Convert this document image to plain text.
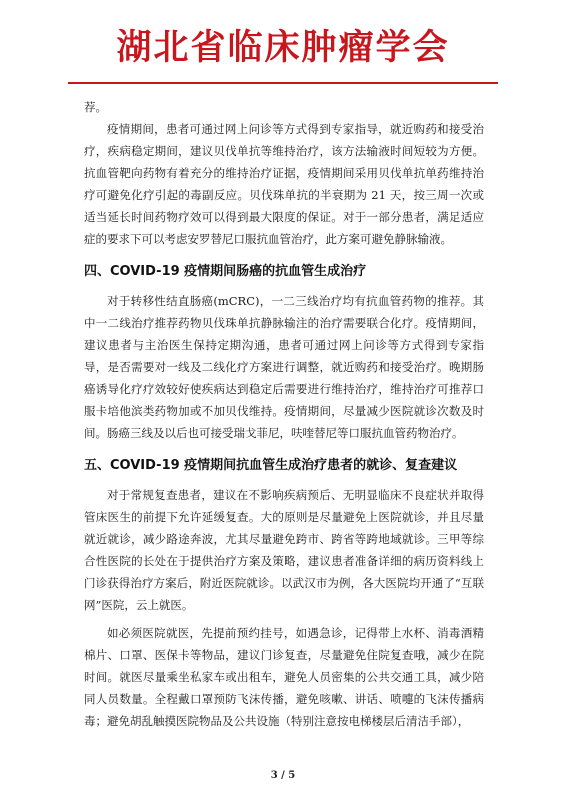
湖北省临床肿瘤学会

荐。

疫情期间，患者可通过网上问诊等方式得到专家指导，就近购药和接受治疗，疾病稳定期间，建议贝伐单抗等维持治疗，该方法输液时间短较为方便。抗血管靶向药物有着充分的维持治疗证据，疫情期间采用贝伐单抗单药维持治疗可避免化疗引起的毒副反应。贝伐珠单抗的半衰期为 21 天，按三周一次或适当延长时间药物疗效可以得到最大限度的保证。对于一部分患者，满足适应症的要求下可以考虑安罗替尼口服抗血管治疗，此方案可避免静脉输液。

四、COVID-19 疫情期间肠癌的抗血管生成治疗

对于转移性结直肠癌(mCRC)，一二三线治疗均有抗血管药物的推荐。其中一二线治疗推荐药物贝伐珠单抗静脉输注的治疗需要联合化疗。疫情期间，建议患者与主治医生保持定期沟通，患者可通过网上问诊等方式得到专家指导，是否需要对一线及二线化疗方案进行调整，就近购药和接受治疗。晚期肠癌诱导化疗疗效较好使疾病达到稳定后需要进行维持治疗，维持治疗可推荐口服卡培他滨类药物加或不加贝伐维持。疫情期间，尽量减少医院就诊次数及时间。肠癌三线及以后也可接受瑞戈菲尼，呋喹替尼等口服抗血管药物治疗。

五、COVID-19 疫情期间抗血管生成治疗患者的就诊、复查建议

对于常规复查患者，建议在不影响疾病预后、无明显临床不良症状并取得管床医生的前提下允许延缓复查。大的原则是尽量避免上医院就诊，并且尽量就近就诊，减少路途奔波，尤其尽量避免跨市、跨省等跨地域就诊。三甲等综合性医院的长处在于提供治疗方案及策略，建议患者准备详细的病历资料线上门诊获得治疗方案后，附近医院就诊。以武汉市为例，各大医院均开通了“互联网”医院，云上就医。

如必须医院就医，先提前预约挂号，如遇急诊，记得带上水杯、消毒酒精棉片、口罩、医保卡等物品，建议门诊复查，尽量避免住院复查哦，减少在院时间。就医尽量乘坐私家车或出租车，避免人员密集的公共交通工具，减少陪同人员数量。全程戴口罩预防飞沫传播，避免咳嗽、讲话、喷嚏的飞沫传播病毒；避免胡乱触摸医院物品及公共设施（特别注意按电梯楼层后清洁手部），

3 / 5
